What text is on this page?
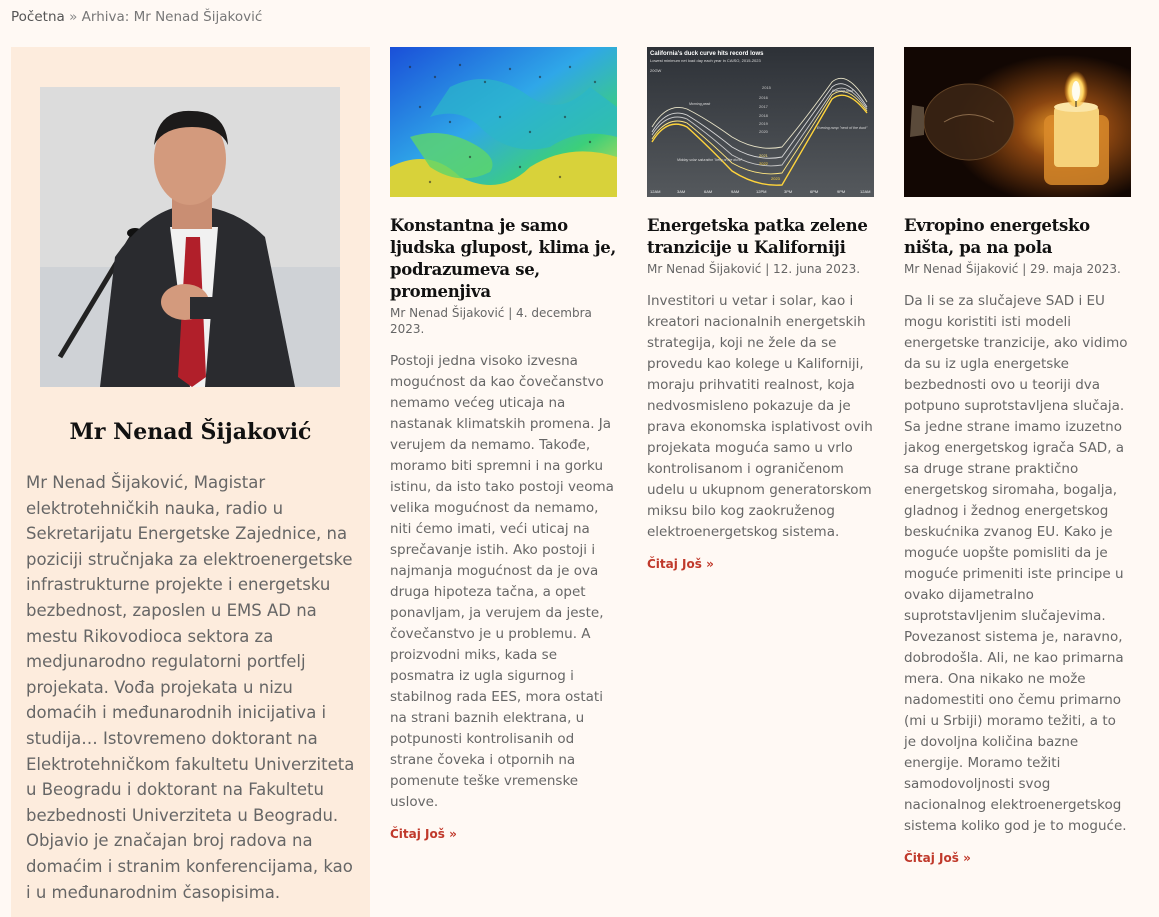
Početna » Arhiva: Mr Nenad Šijaković
Mr Nenad Šijaković
Mr Nenad Šijaković, Magistar elektrotehničkih nauka, radio u Sekretarijatu Energetske Zajednice, na poziciji stručnjaka za elektroenergetske infrastrukturne projekte i energetsku bezbednost, zaposlen u EMS AD na mestu Rikovodioca sektora za medjunarodno regulatorni portfelj projekata. Vođa projekata u nizu domaćih i međunarodnih inicijativa i studija… Istovremeno doktorant na Elektrotehničkom fakultetu Univerziteta u Beogradu i doktorant na Fakultetu bezbednosti Univerziteta u Beogradu. Objavio je značajan broj radova na domaćim i stranim konferencijama, kao i u međunarodnim časopisima.
Konstantna je samo ljudska glupost, klima je, podrazumeva se, promenjiva
Mr Nenad Šijaković | 4. decembra 2023.
Postoji jedna visoko izvesna mogućnost da kao čovečanstvo nemamo većeg uticaja na nastanak klimatskih promena. Ja verujem da nemamo. Takođe, moramo biti spremni i na gorku istinu, da isto tako postoji veoma velika mogućnost da nemamo, niti ćemo imati, veći uticaj na sprečavanje istih. Ako postoji i najmanja mogućnost da je ova druga hipoteza tačna, a opet ponavljam, ja verujem da jeste, čovečanstvo je u problemu. A proizvodni miks, kada se posmatra iz ugla sigurnog i stabilnog rada EES, mora ostati na strani baznih elektrana, u potpunosti kontrolisanih od strane čoveka i otpornih na pomenute teške vremenske uslove.
Čitaj Još »
California's duck curve hits record lows
Lowest minimum net load day each year in CAISO, 2015-2023
20GW
2015
2016
2017
2018
2019
2020
2021
2022
2023
Morning peak
Evening peak
Evening ramp "neck of the duck"
Midday solar saturation "belly of the duck"
12AM	3AM	6AM	9AM	12PM	3PM	6PM	9PM	12AM
Energetska patka zelene tranzicije u Kaliforniji
Mr Nenad Šijaković | 12. juna 2023.
Investitori u vetar i solar, kao i kreatori nacionalnih energetskih strategija, koji ne žele da se provedu kao kolege u Kaliforniji, moraju prihvatiti realnost, koja nedvosmisleno pokazuje da je prava ekonomska isplativost ovih projekata moguća samo u vrlo kontrolisanom i ograničenom udelu u ukupnom generatorskom miksu bilo kog zaokruženog elektroenergetskog sistema.
Čitaj Još »
Evropino energetsko ništa, pa na pola
Mr Nenad Šijaković | 29. maja 2023.
Da li se za slučajeve SAD i EU mogu koristiti isti modeli energetske tranzicije, ako vidimo da su iz ugla energetske bezbednosti ovo u teoriji dva potpuno suprotstavljena slučaja. Sa jedne strane imamo izuzetno jakog energetskog igrača SAD, a sa druge strane praktično energetskog siromaha, bogalja, gladnog i žednog energetskog beskućnika zvanog EU. Kako je moguće uopšte pomisliti da je moguće primeniti iste principe u ovako dijametralno suprotstavljenim slučajevima. Povezanost sistema je, naravno, dobrodošla. Ali, ne kao primarna mera. Ona nikako ne može nadomestiti ono čemu primarno (mi u Srbiji) moramo težiti, a to je dovoljna količina bazne energije. Moramo težiti samodovoljnosti svog nacionalnog elektroenergetskog sistema koliko god je to moguće.
Čitaj Još »
